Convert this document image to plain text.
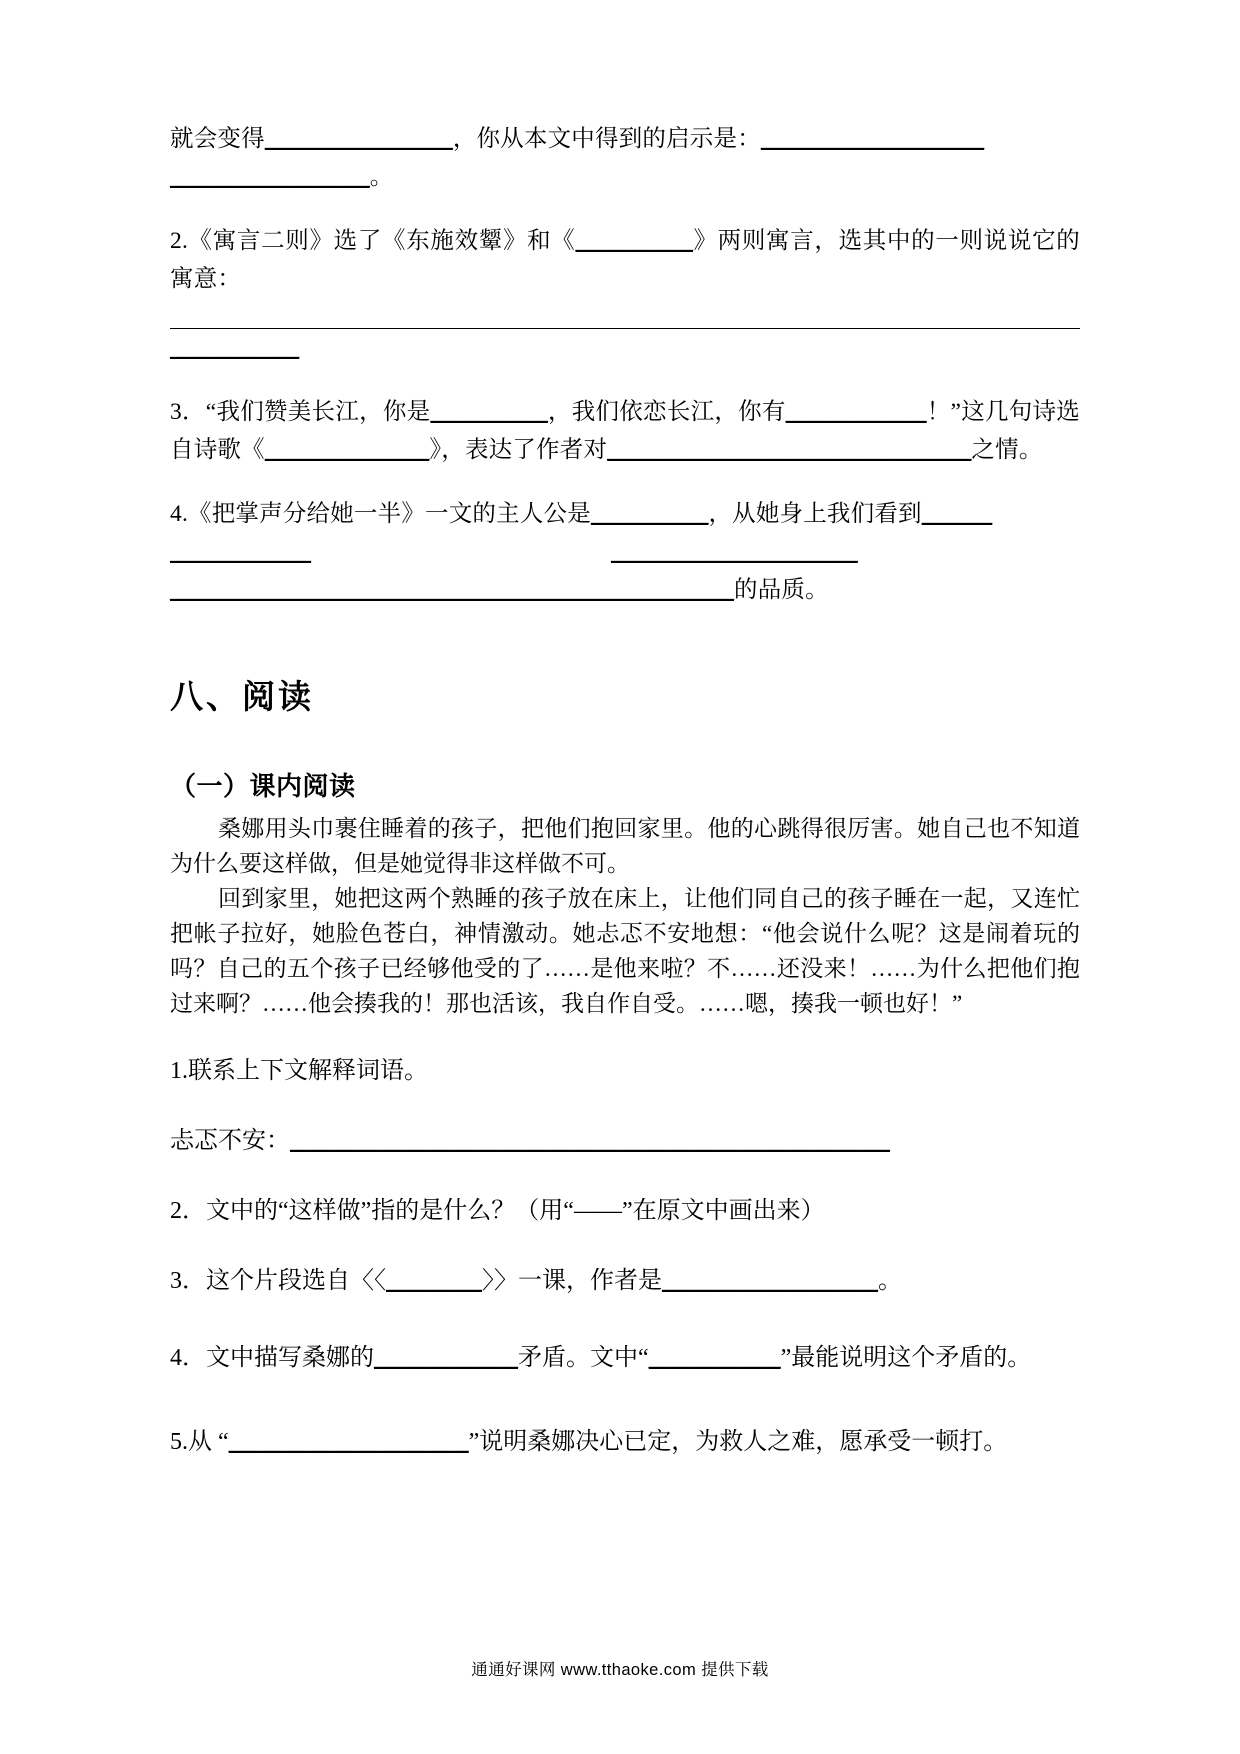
就会变得________________，你从本文中得到的启示是：___________________
_________________。
2.《寓言二则》选了《东施效颦》和《__________》两则寓言，选其中的一则说说它的寓意：
___________
3．“我们赞美长江，你是__________，我们依恋长江，你有____________！”这几句诗选自诗歌《______________》，表达了作者对_______________________________之情。
4.《把掌声分给她一半》一文的主人公是__________，从她身上我们看到______
____________	_____________________
________________________________________________的品质。
八、阅读
（一）课内阅读

桑娜用头巾裹住睡着的孩子，把他们抱回家里。他的心跳得很厉害。她自己也不知道为什么要这样做，但是她觉得非这样做不可。

回到家里，她把这两个熟睡的孩子放在床上，让他们同自己的孩子睡在一起，又连忙把帐子拉好，她脸色苍白，神情激动。她忐忑不安地想：“他会说什么呢？这是闹着玩的吗？自己的五个孩子已经够他受的了……是他来啦？不……还没来！……为什么把他们抱过来啊？……他会揍我的！那也活该，我自作自受。……嗯，揍我一顿也好！”

1.联系上下文解释词语。
忐忑不安：__________________________________________________
2．文中的“这样做”指的是什么？（用“——”在原文中画出来）
3．这个片段选自〈〈________〉〉一课，作者是__________________。
4．文中描写桑娜的____________矛盾。文中“___________”最能说明这个矛盾的。
5.从 “____________________”说明桑娜决心已定，为救人之难，愿承受一顿打。
通通好课网 www.tthaoke.com 提供下载
